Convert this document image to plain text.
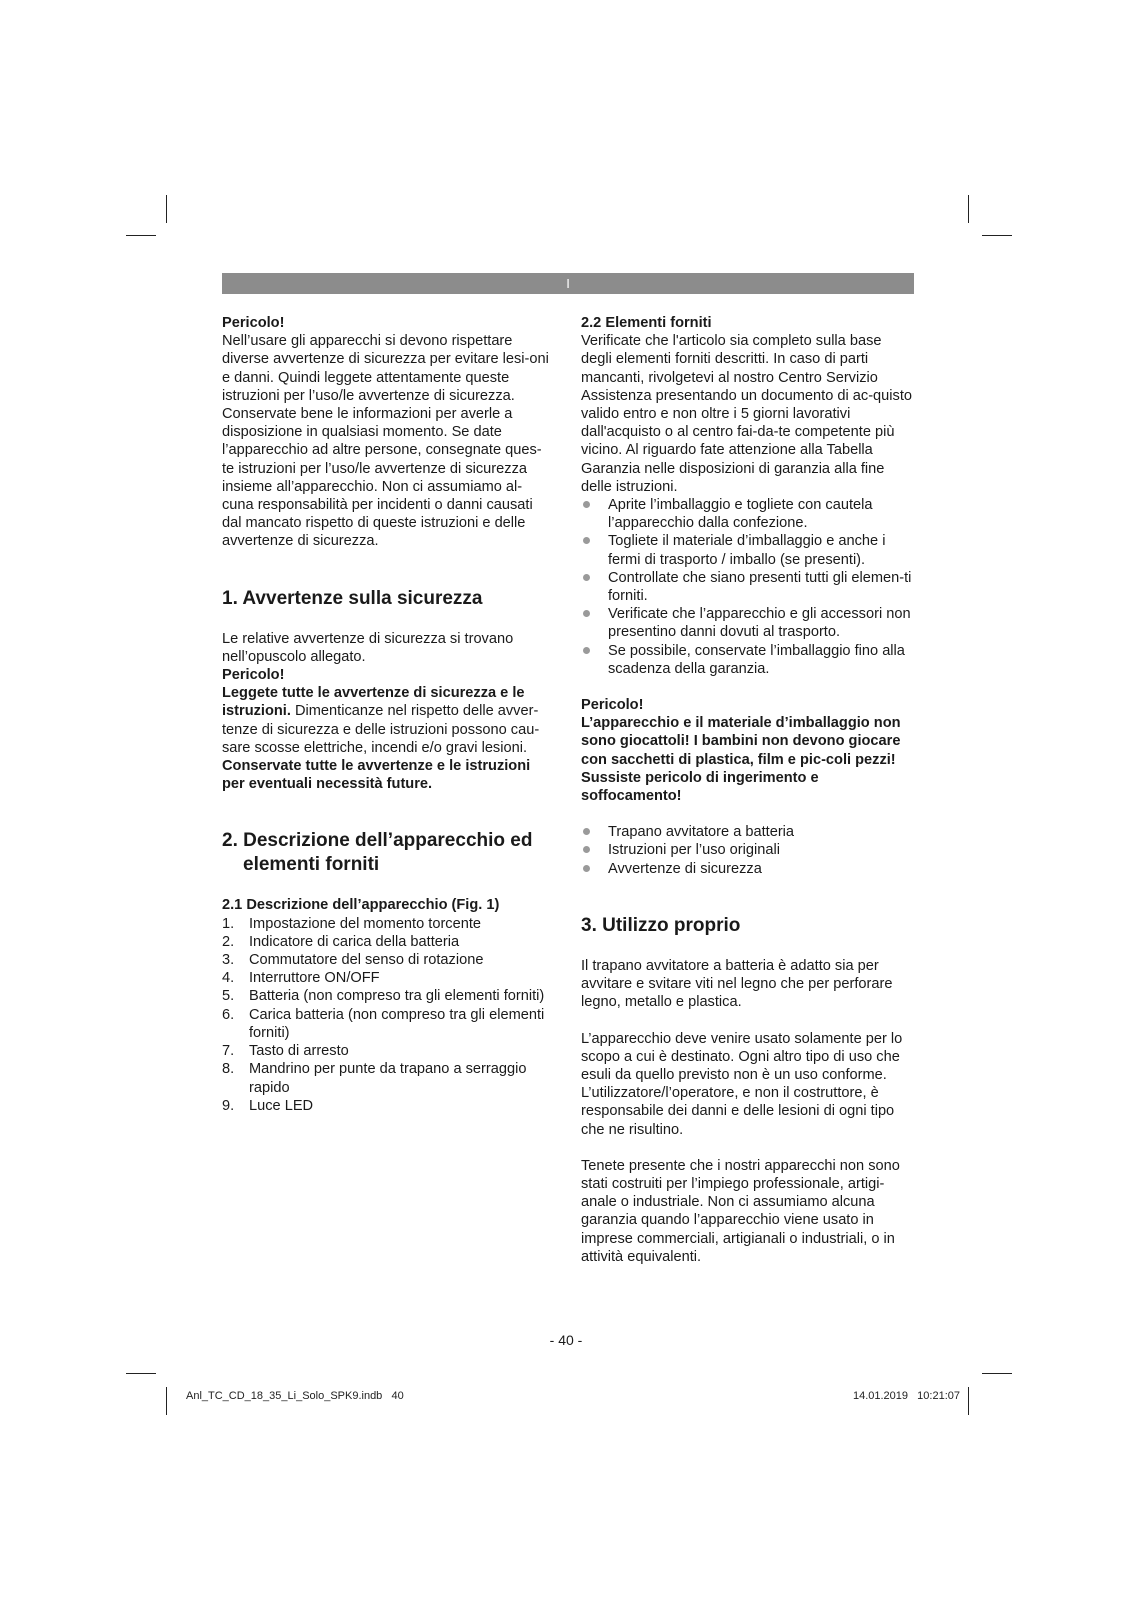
I

Pericolo!

Nell’usare gli apparecchi si devono rispettare diverse avvertenze di sicurezza per evitare lesi-oni e danni. Quindi leggete attentamente queste istruzioni per l’uso/le avvertenze di sicurezza. Conservate bene le informazioni per averle a disposizione in qualsiasi momento. Se date l’apparecchio ad altre persone, consegnate ques-te istruzioni per l’uso/le avvertenze di sicurezza insieme all’apparecchio. Non ci assumiamo al-cuna responsabilità per incidenti o danni causati dal mancato rispetto di queste istruzioni e delle avvertenze di sicurezza.

1. Avvertenze sulla sicurezza

Le relative avvertenze di sicurezza si trovano nell’opuscolo allegato.

Pericolo!

Leggete tutte le avvertenze di sicurezza e le istruzioni. Dimenticanze nel rispetto delle avver-tenze di sicurezza e delle istruzioni possono cau-sare scosse elettriche, incendi e/o gravi lesioni.

Conservate tutte le avvertenze e le istruzioni per eventuali necessità future.

2. Descrizione dell’apparecchio ed elementi forniti
2.1 Descrizione dell’apparecchio (Fig. 1)
1. Impostazione del momento torcente
2. Indicatore di carica della batteria
3. Commutatore del senso di rotazione
4. Interruttore ON/OFF
5. Batteria (non compreso tra gli elementi forniti)
6. Carica batteria (non compreso tra gli elementi forniti)
7. Tasto di arresto
8. Mandrino per punte da trapano a serraggio rapido
9. Luce LED
2.2 Elementi forniti

Verificate che l'articolo sia completo sulla base degli elementi forniti descritti. In caso di parti mancanti, rivolgetevi al nostro Centro Servizio Assistenza presentando un documento di ac-quisto valido entro e non oltre i 5 giorni lavorativi dall'acquisto o al centro fai-da-te competente più vicino. Al riguardo fate attenzione alla Tabella Garanzia nelle disposizioni di garanzia alla fine delle istruzioni.

Aprite l’imballaggio e togliete con cautela l’apparecchio dalla confezione.
Togliete il materiale d’imballaggio e anche i fermi di trasporto / imballo (se presenti).
Controllate che siano presenti tutti gli elemen-ti forniti.
Verificate che l’apparecchio e gli accessori non presentino danni dovuti al trasporto.
Se possibile, conservate l’imballaggio fino alla scadenza della garanzia.

Pericolo!

L’apparecchio e il materiale d’imballaggio non sono giocattoli! I bambini non devono giocare con sacchetti di plastica, film e pic-coli pezzi! Sussiste pericolo di ingerimento e soffocamento!

Trapano avvitatore a batteria
Istruzioni per l’uso originali
Avvertenze di sicurezza
3. Utilizzo proprio

Il trapano avvitatore a batteria è adatto sia per avvitare e svitare viti nel legno che per perforare legno, metallo e plastica.

L’apparecchio deve venire usato solamente per lo scopo a cui è destinato. Ogni altro tipo di uso che esuli da quello previsto non è un uso conforme. L’utilizzatore/l’operatore, e non il costruttore, è responsabile dei danni e delle lesioni di ogni tipo che ne risultino.

Tenete presente che i nostri apparecchi non sono stati costruiti per l’impiego professionale, artigi-anale o industriale. Non ci assumiamo alcuna garanzia quando l’apparecchio viene usato in imprese commerciali, artigianali o industriali, o in attività equivalenti.

- 40 -
Anl_TC_CD_18_35_Li_Solo_SPK9.indb   40	14.01.2019   10:21:07
